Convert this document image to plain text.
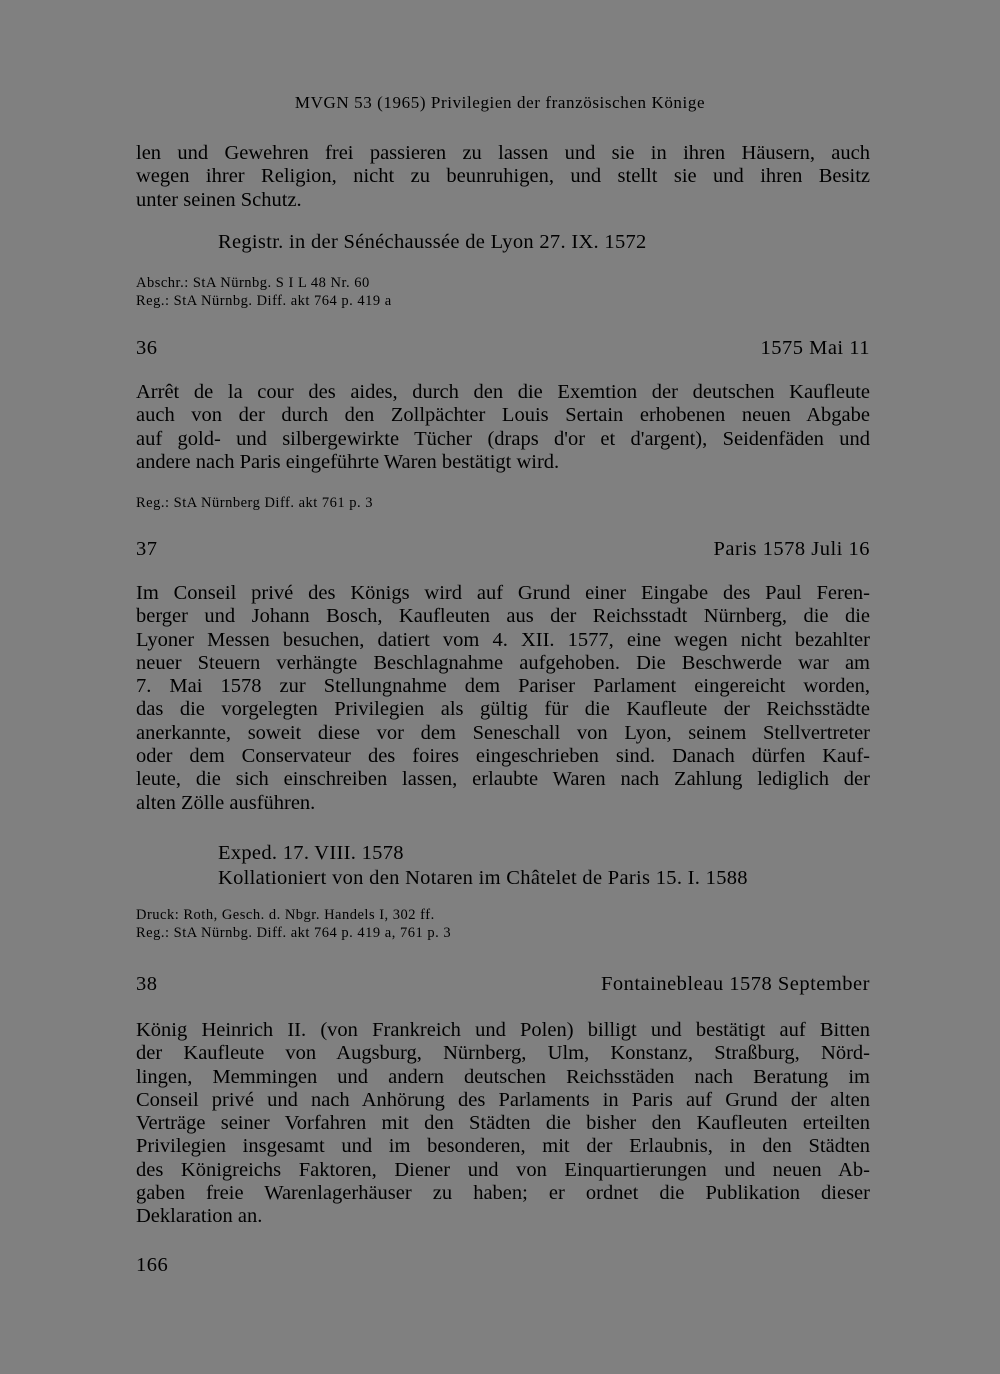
MVGN 53 (1965) Privilegien der französischen Könige
len und Gewehren frei passieren zu lassen und sie in ihren Häusern, auch
wegen ihrer Religion, nicht zu beunruhigen, und stellt sie und ihren Besitz
unter seinen Schutz.
Registr. in der Sénéchaussée de Lyon 27. IX. 1572
Abschr.: StA Nürnbg. S I L 48 Nr. 60
Reg.: StA Nürnbg. Diff. akt 764 p. 419 a
36	1575 Mai 11
Arrêt de la cour des aides, durch den die Exemtion der deutschen Kaufleute
auch von der durch den Zollpächter Louis Sertain erhobenen neuen Abgabe
auf gold- und silbergewirkte Tücher (draps d'or et d'argent), Seidenfäden und
andere nach Paris eingeführte Waren bestätigt wird.
Reg.: StA Nürnberg Diff. akt 761 p. 3
37	Paris 1578 Juli 16
Im Conseil privé des Königs wird auf Grund einer Eingabe des Paul Feren-
berger und Johann Bosch, Kaufleuten aus der Reichsstadt Nürnberg, die die
Lyoner Messen besuchen, datiert vom 4. XII. 1577, eine wegen nicht bezahlter
neuer Steuern verhängte Beschlagnahme aufgehoben. Die Beschwerde war am
7. Mai 1578 zur Stellungnahme dem Pariser Parlament eingereicht worden,
das die vorgelegten Privilegien als gültig für die Kaufleute der Reichsstädte
anerkannte, soweit diese vor dem Seneschall von Lyon, seinem Stellvertreter
oder dem Conservateur des foires eingeschrieben sind. Danach dürfen Kauf-
leute, die sich einschreiben lassen, erlaubte Waren nach Zahlung lediglich der
alten Zölle ausführen.
Exped. 17. VIII. 1578
Kollationiert von den Notaren im Châtelet de Paris 15. I. 1588
Druck: Roth, Gesch. d. Nbgr. Handels I, 302 ff.
Reg.: StA Nürnbg. Diff. akt 764 p. 419 a, 761 p. 3
38	Fontainebleau 1578 September
König Heinrich II. (von Frankreich und Polen) billigt und bestätigt auf Bitten
der Kaufleute von Augsburg, Nürnberg, Ulm, Konstanz, Straßburg, Nörd-
lingen, Memmingen und andern deutschen Reichsstäden nach Beratung im
Conseil privé und nach Anhörung des Parlaments in Paris auf Grund der alten
Verträge seiner Vorfahren mit den Städten die bisher den Kaufleuten erteilten
Privilegien insgesamt und im besonderen, mit der Erlaubnis, in den Städten
des Königreichs Faktoren, Diener und von Einquartierungen und neuen Ab-
gaben freie Warenlagerhäuser zu haben; er ordnet die Publikation dieser
Deklaration an.
166
